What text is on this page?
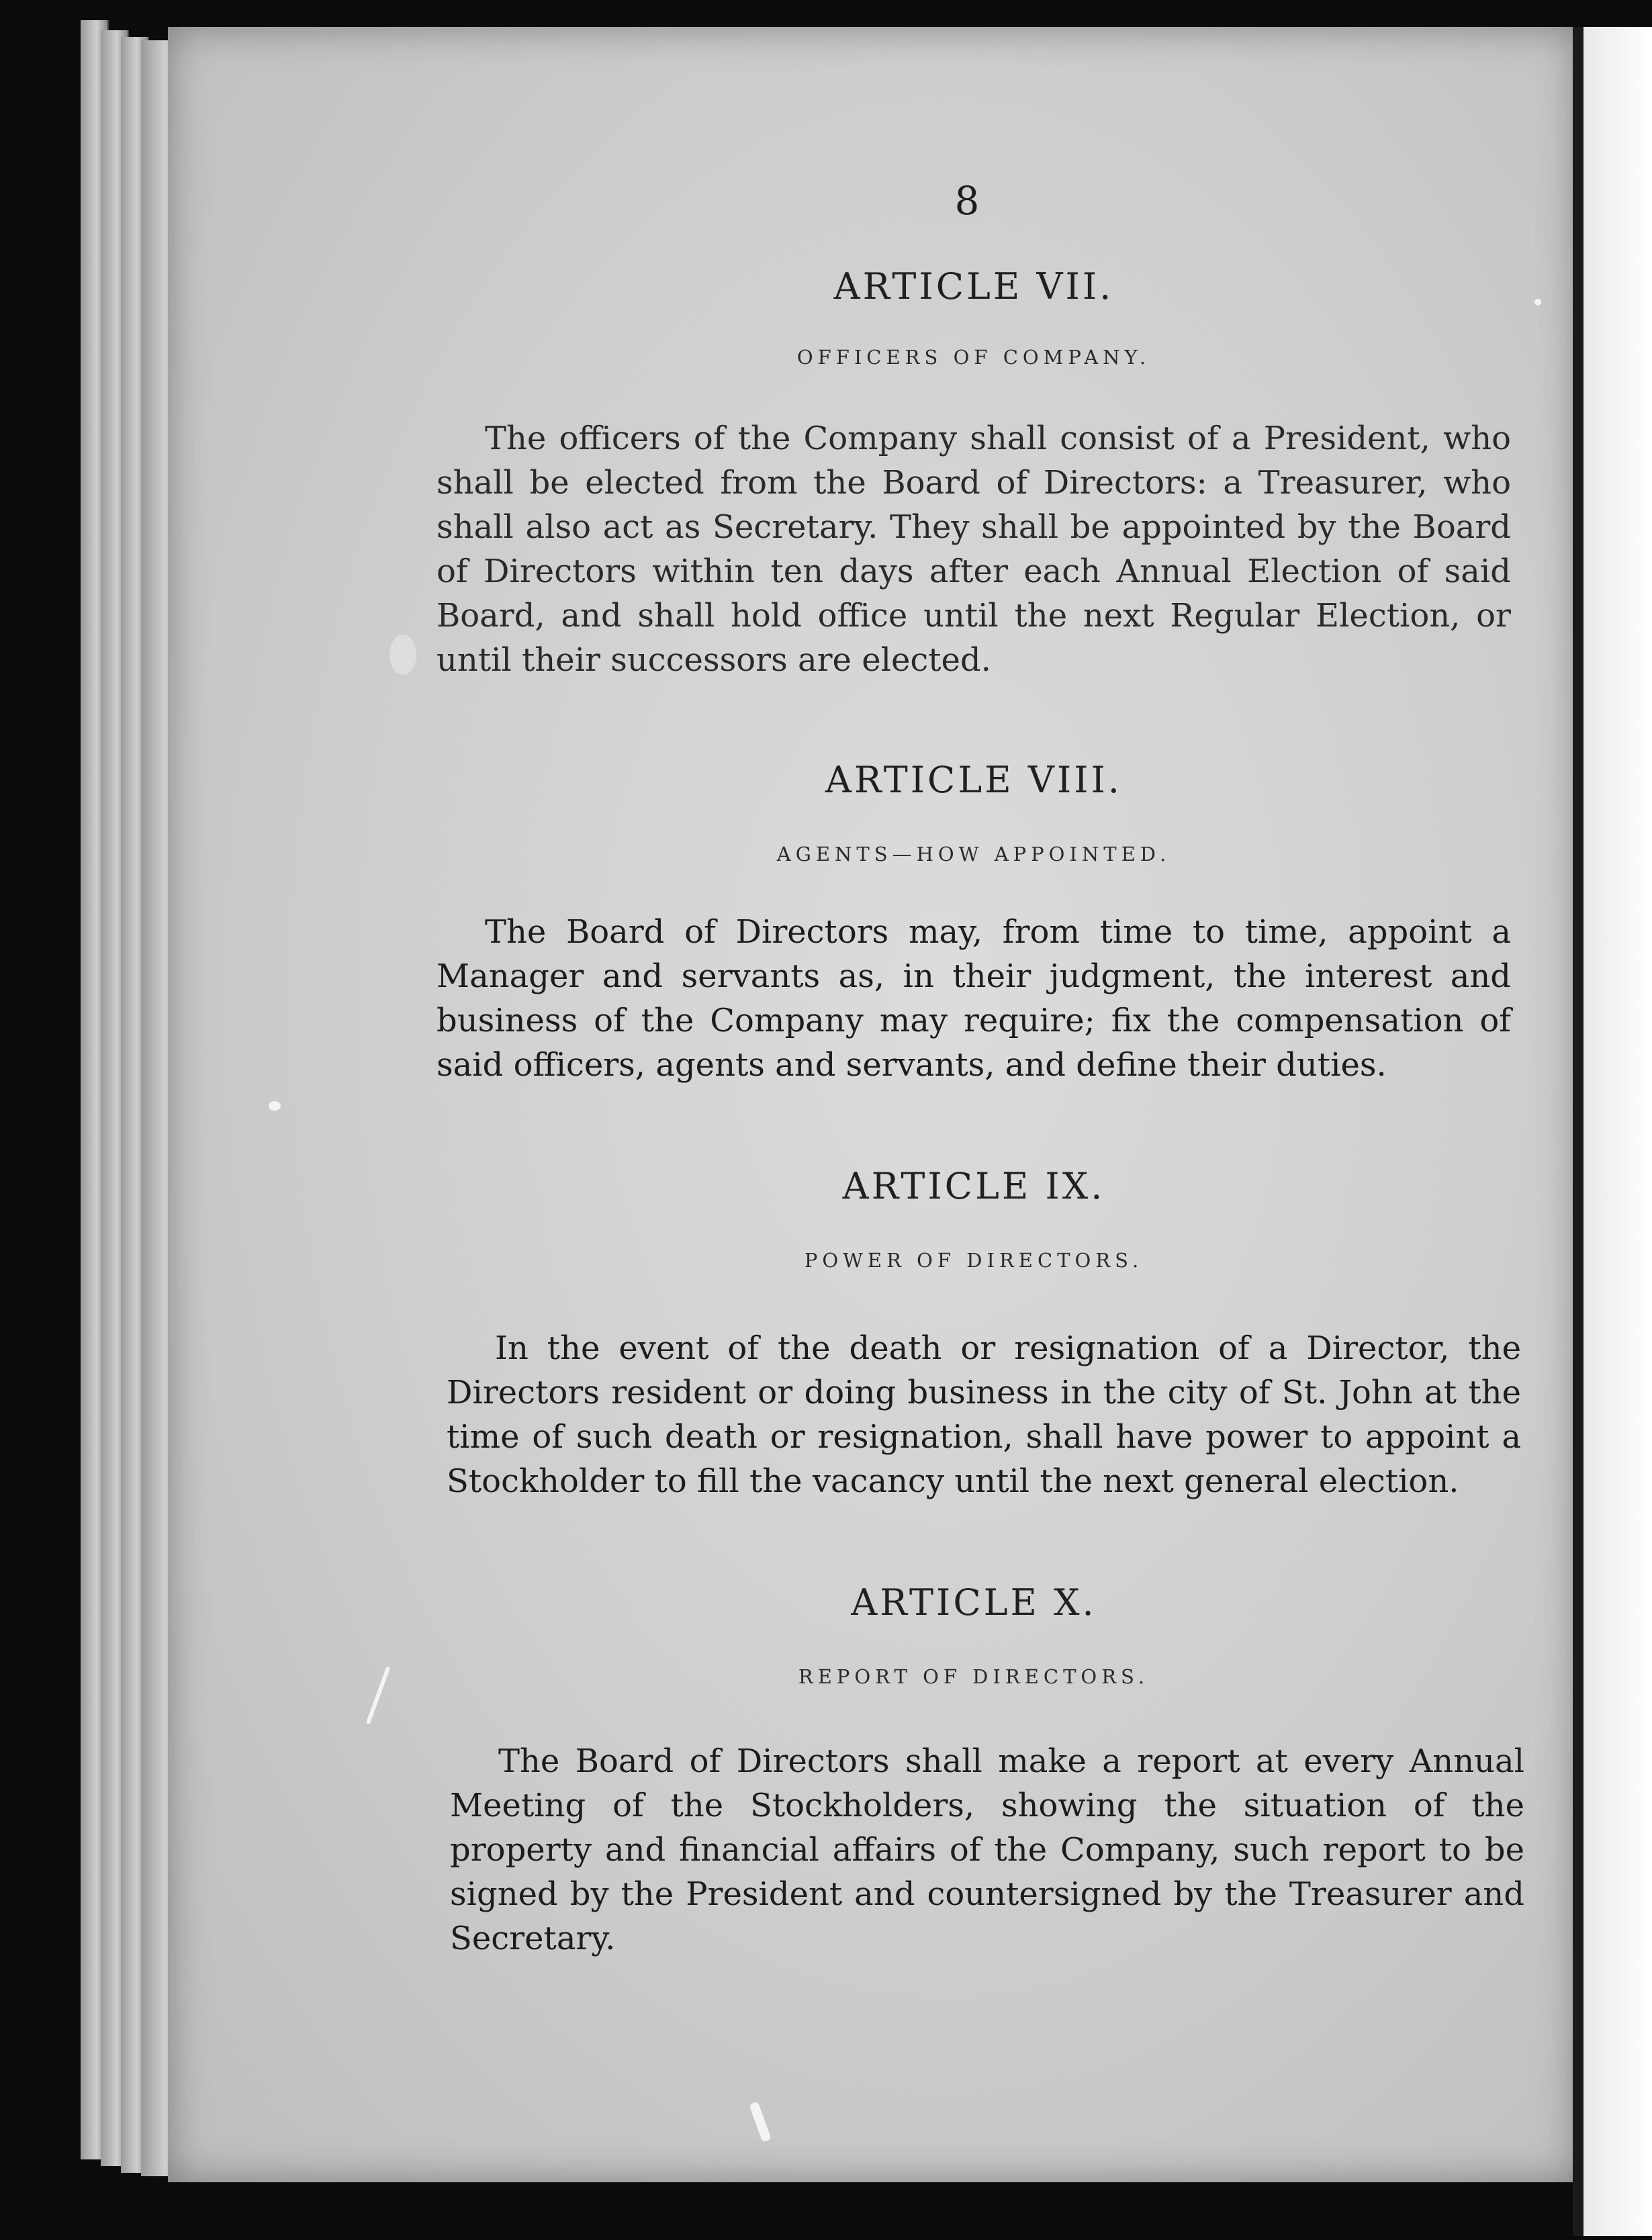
8
ARTICLE VII.
OFFICERS OF COMPANY.
The officers of the Company shall consist of a President, who shall be elected from the Board of Directors: a Treasurer, who shall also act as Secretary. They shall be appointed by the Board of Directors within ten days after each Annual Election of said Board, and shall hold office until the next Regular Election, or until their successors are elected.
ARTICLE VIII.
AGENTS—HOW APPOINTED.
The Board of Directors may, from time to time, appoint a Manager and servants as, in their judgment, the interest and business of the Company may require; fix the compensation of said officers, agents and servants, and define their duties.
ARTICLE IX.
POWER OF DIRECTORS.
In the event of the death or resignation of a Director, the Directors resident or doing business in the city of St. John at the time of such death or resignation, shall have power to appoint a Stockholder to fill the vacancy until the next general election.
ARTICLE X.
REPORT OF DIRECTORS.
The Board of Directors shall make a report at every Annual Meeting of the Stockholders, showing the situation of the property and financial affairs of the Company, such report to be signed by the President and countersigned by the Treasurer and Secretary.
